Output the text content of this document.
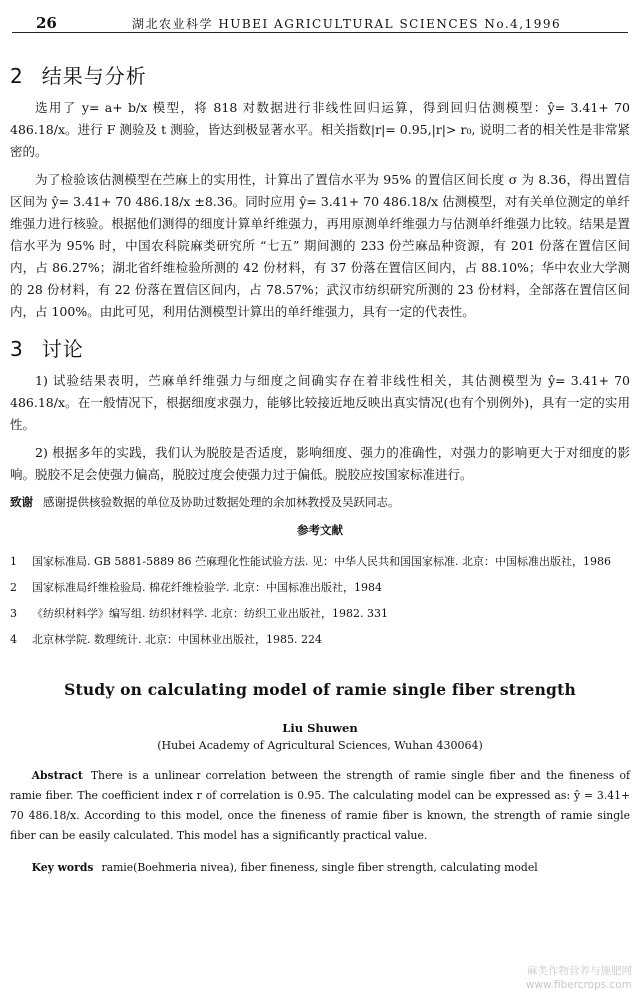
26	湖北农业科学 HUBEI AGRICULTURAL SCIENCES No.4,1996
2 结果与分析

选用了 y= a+ b/x 模型，将 818 对数据进行非线性回归运算，得到回归估测模型：ŷ= 3.41+ 70 486.18/x。进行 F 测验及 t 测验，皆达到极显著水平。相关指数|r|= 0.95,|r|> r₀, 说明二者的相关性是非常紧密的。

为了检验该估测模型在苎麻上的实用性，计算出了置信水平为 95% 的置信区间长度 σ 为 8.36，得出置信区间为 ŷ= 3.41+ 70 486.18/x ±8.36。同时应用 ŷ= 3.41+ 70 486.18/x 估测模型，对有关单位测定的单纤维强力进行核验。根据他们测得的细度计算单纤维强力，再用原测单纤维强力与估测单纤维强力比较。结果是置信水平为 95% 时，中国农科院麻类研究所 “七五” 期间测的 233 份苎麻品种资源，有 201 份落在置信区间内，占 86.27%；湖北省纤维检验所测的 42 份材料，有 37 份落在置信区间内，占 88.10%；华中农业大学测的 28 份材料，有 22 份落在置信区间内，占 78.57%；武汉市纺织研究所测的 23 份材料，全部落在置信区间内，占 100%。由此可见，利用估测模型计算出的单纤维强力，具有一定的代表性。

3 讨论

1) 试验结果表明，苎麻单纤维强力与细度之间确实存在着非线性相关，其估测模型为 ŷ= 3.41+ 70 486.18/x。在一般情况下，根据细度求强力，能够比较接近地反映出真实情况(也有个别例外)，具有一定的实用性。

2) 根据多年的实践，我们认为脱胶是否适度，影响细度、强力的准确性，对强力的影响更大于对细度的影响。脱胶不足会使强力偏高，脱胶过度会使强力过于偏低。脱胶应按国家标准进行。

致谢 感谢提供核验数据的单位及协助过数据处理的余加林教授及吴跃同志。
参考文献
1	国家标准局. GB 5881-5889 86 苎麻理化性能试验方法. 见：中华人民共和国国家标准. 北京：中国标准出版社，1986
2	国家标准局纤维检验局. 棉花纤维检验学. 北京：中国标准出版社，1984
3	《纺织材料学》编写组. 纺织材料学. 北京：纺织工业出版社，1982. 331
4	北京林学院. 数理统计. 北京：中国林业出版社，1985. 224
Study on calculating model of ramie single fiber strength
Liu Shuwen
(Hubei Academy of Agricultural Sciences, Wuhan 430064)

Abstract There is a unlinear correlation between the strength of ramie single fiber and the fineness of ramie fiber. The coefficient index r of correlation is 0.95. The calculating model can be expressed as: ŷ = 3.41+ 70 486.18/x. According to this model, once the fineness of ramie fiber is known, the strength of ramie single fiber can be easily calculated. This model has a significantly practical value.

Key words ramie(Boehmeria nivea), fiber fineness, single fiber strength, calculating model

麻类作物营养与施肥网
www.fibercrops.com
